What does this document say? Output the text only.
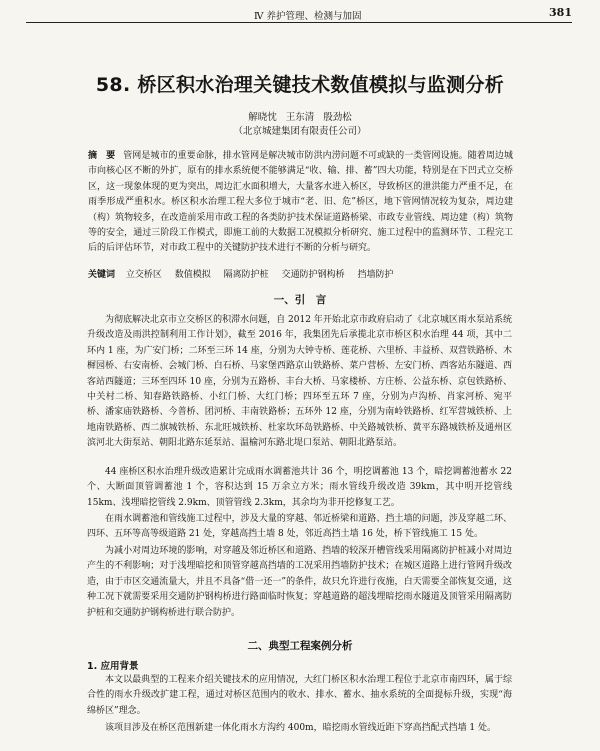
Ⅳ 养护管理、检测与加固	381
58. 桥区积水治理关键技术数值模拟与监测分析
解晓忱 王东清 殷劲松
（北京城建集团有限责任公司）

摘　要 管网是城市的重要命脉，排水管网是解决城市防洪内涝问题不可或缺的一类管网设施。随着周边城市向核心区不断的外扩，原有的排水系统便不能够满足“收、输、排、蓄”四大功能，特别是在下凹式立交桥区，这一现象体现的更为突出，周边汇水面积增大，大量客水进入桥区，导致桥区的泄洪能力严重不足，在雨季形成严重积水。桥区积水治理工程大多位于城市“老、旧、危”桥区，地下管网情况较为复杂，周边建（构）筑物较多，在改造前采用市政工程的各类防护技术保证道路桥梁、市政专业管线、周边建（构）筑物等的安全，通过三阶段工作模式，即施工前的大数据工况模拟分析研究、施工过程中的监测环节、工程完工后的后评估环节，对市政工程中的关键防护技术进行不断的分析与研究。

关键词 立交桥区 数值模拟 隔离防护桩 交通防护钢构桥 挡墙防护

一、引　言

为彻底解决北京市立交桥区的积滞水问题，自 2012 年开始北京市政府启动了《北京城区雨水泵站系统升级改造及雨洪控制利用工作计划》，截至 2016 年，我集团先后承揽北京市桥区积水治理 44 项，其中二环内 1 座，为广安门桥；二环至三环 14 座，分别为大钟寺桥、莲花桥、六里桥、丰益桥、双营铁路桥、木樨园桥、右安南桥、会城门桥、白石桥、马家堡西路京山铁路桥、菜户营桥、左安门桥、西客站东隧道、西客站西隧道；三环至四环 10 座，分别为五路桥、丰台大桥、马家楼桥、方庄桥、公益东桥、京包铁路桥、中关村二桥、知春路铁路桥、小红门桥、大红门桥；四环至五环 7 座，分别为卢沟桥、肖家河桥、宛平桥、潘家庙铁路桥、今普桥、团河桥、丰南铁路桥；五环外 12 座，分别为南岭铁路桥、红军营城铁桥、上地南铁路桥、西二旗城铁桥、东北旺城铁桥、杜家坎环岛铁路桥、中关路城铁桥、黄平东路城铁桥及通州区滨河北大街泵站、朝阳北路东延泵站、温榆河东路北堤口泵站、朝阳北路泵站。

44 座桥区积水治理升级改造累计完成雨水调蓄池共计 36 个，明挖调蓄池 13 个，暗挖调蓄池蓄水 22 个、大断面顶管调蓄池 1 个，容积达到 15 万余立方米；雨水管线升级改造 39km，其中明开挖管线 15km、浅埋暗挖管线 2.9km、顶管管线 2.3km，其余均为非开挖修复工艺。

在雨水调蓄池和管线施工过程中，涉及大量的穿越、邻近桥梁和道路、挡土墙的问题，涉及穿越二环、四环、五环等高等级道路 21 处，穿越高挡土墙 8 处，邻近高挡土墙 16 处，桥下管线施工 15 处。

为减小对周边环境的影响，对穿越及邻近桥区和道路、挡墙的较深开槽管线采用隔离防护桩减小对周边产生的不利影响；对于浅埋暗挖和顶管穿越高挡墙的工况采用挡墙防护技术；在城区道路上进行管网升级改造，由于市区交通流量大，并且不具备“借一还一”的条件，故只允许进行夜施，白天需要全部恢复交通，这种工况下就需要采用交通防护钢构桥进行路面临时恢复；穿越道路的超浅埋暗挖雨水隧道及顶管采用隔离防护桩和交通防护钢构桥进行联合防护。

二、典型工程案例分析
1. 应用背景

本文以最典型的工程来介绍关键技术的应用情况，大红门桥区积水治理工程位于北京市南四环，属于综合性的雨水升级改扩建工程，通过对桥区范围内的收水、排水、蓄水、抽水系统的全面提标升级，实现“海绵桥区”理念。

该项目涉及在桥区范围新建一体化雨水方沟约 400m，暗挖雨水管线近距下穿高挡配式挡墙 1 处。
